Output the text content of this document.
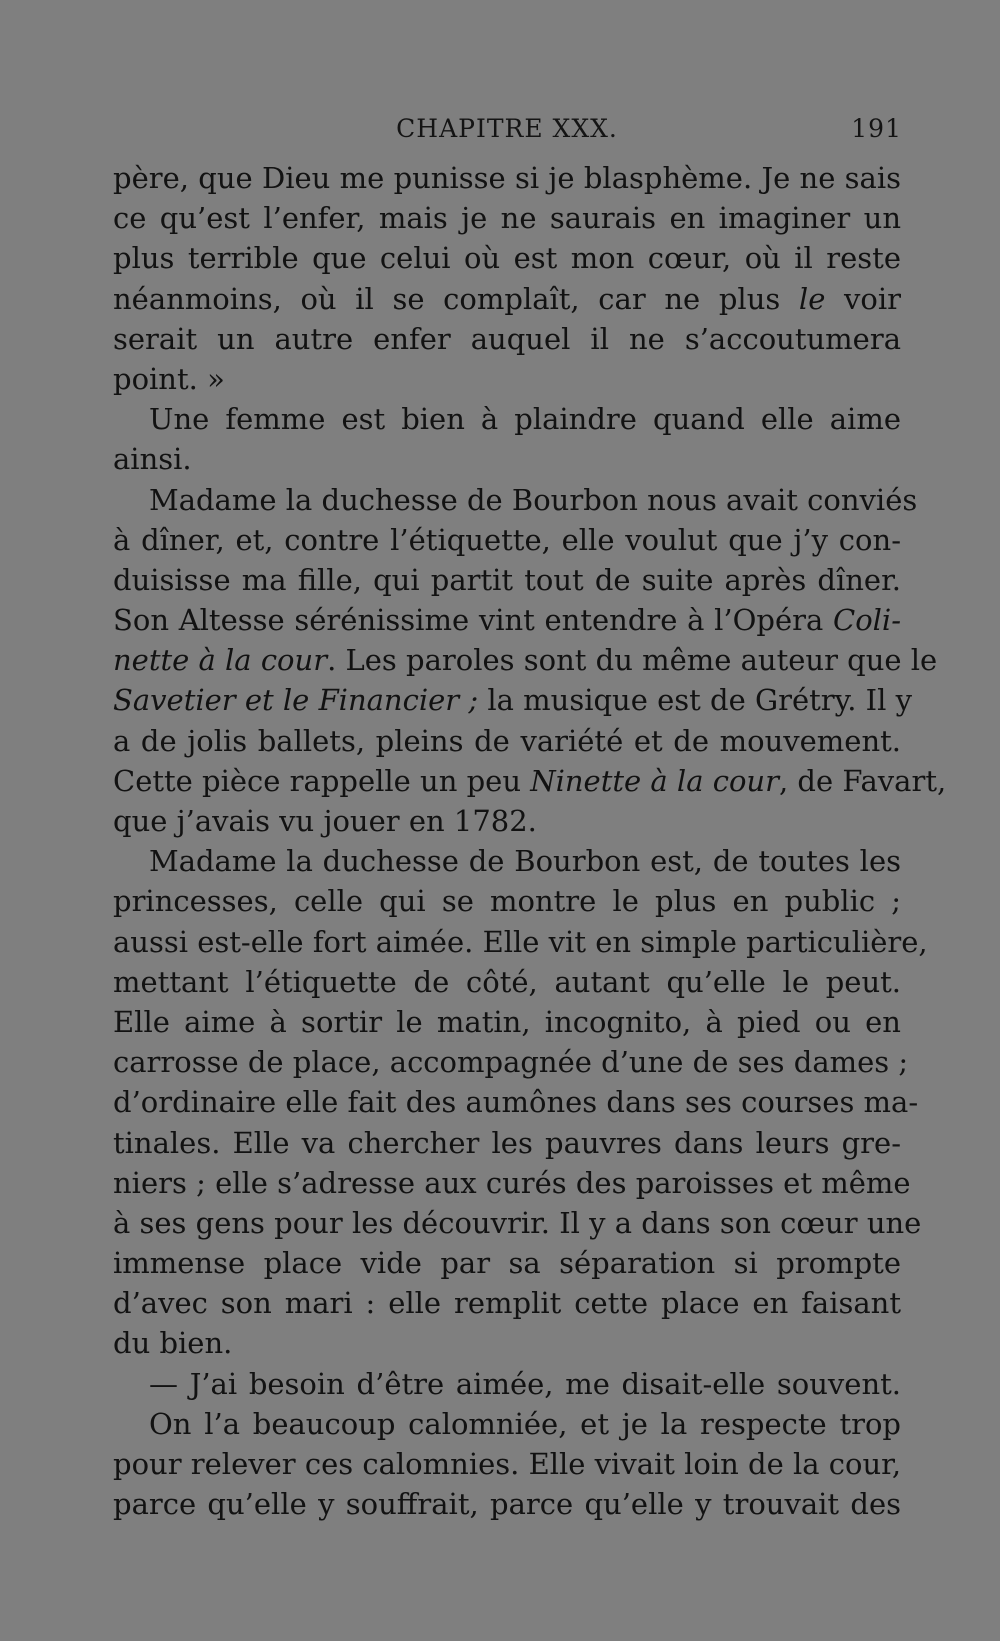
CHAPITRE XXX.	191
père, que Dieu me punisse si je blasphème. Je ne sais
ce qu’est l’enfer, mais je ne saurais en imaginer un
plus terrible que celui où est mon cœur, où il reste
néanmoins, où il se complaît, car ne plus le voir
serait un autre enfer auquel il ne s’accoutumera
point. »
Une femme est bien à plaindre quand elle aime
ainsi.
Madame la duchesse de Bourbon nous avait conviés
à dîner, et, contre l’étiquette, elle voulut que j’y con-
duisisse ma fille, qui partit tout de suite après dîner.
Son Altesse sérénissime vint entendre à l’Opéra Coli-
nette à la cour. Les paroles sont du même auteur que le
Savetier et le Financier ; la musique est de Grétry. Il y
a de jolis ballets, pleins de variété et de mouvement.
Cette pièce rappelle un peu Ninette à la cour, de Favart,
que j’avais vu jouer en 1782.
Madame la duchesse de Bourbon est, de toutes les
princesses, celle qui se montre le plus en public ;
aussi est-elle fort aimée. Elle vit en simple particulière,
mettant l’étiquette de côté, autant qu’elle le peut.
Elle aime à sortir le matin, incognito, à pied ou en
carrosse de place, accompagnée d’une de ses dames ;
d’ordinaire elle fait des aumônes dans ses courses ma-
tinales. Elle va chercher les pauvres dans leurs gre-
niers ; elle s’adresse aux curés des paroisses et même
à ses gens pour les découvrir. Il y a dans son cœur une
immense place vide par sa séparation si prompte
d’avec son mari : elle remplit cette place en faisant
du bien.
— J’ai besoin d’être aimée, me disait-elle souvent.
On l’a beaucoup calomniée, et je la respecte trop
pour relever ces calomnies. Elle vivait loin de la cour,
parce qu’elle y souffrait, parce qu’elle y trouvait des
